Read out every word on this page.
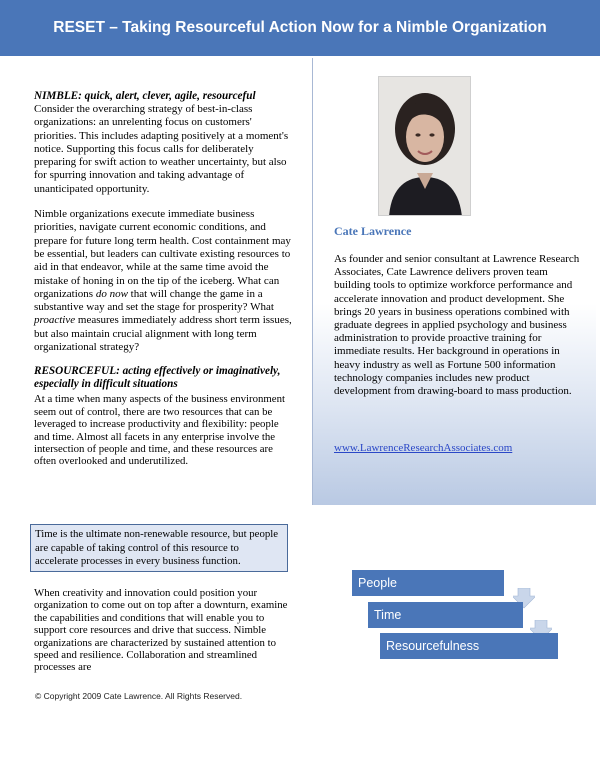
RESET – Taking Resourceful Action Now for a Nimble Organization
NIMBLE: quick, alert, clever, agile, resourceful

Consider the overarching strategy of best-in-class organizations: an unrelenting focus on customers' priorities. This includes adapting positively at a moment's notice. Supporting this focus calls for deliberately preparing for swift action to weather uncertainty, but also for spurring innovation and taking advantage of unanticipated opportunity.

Nimble organizations execute immediate business priorities, navigate current economic conditions, and prepare for future long term health. Cost containment may be essential, but leaders can cultivate existing resources to aid in that endeavor, while at the same time avoid the mistake of honing in on the tip of the iceberg. What can organizations do now that will change the game in a substantive way and set the stage for prosperity? What proactive measures immediately address short term issues, but also maintain crucial alignment with long term organizational strategy?

RESOURCEFUL: acting effectively or imaginatively, especially in difficult situations

At a time when many aspects of the business environment seem out of control, there are two resources that can be leveraged to increase productivity and flexibility: people and time. Almost all facets in any enterprise involve the intersection of people and time, and these resources are often overlooked and underutilized.

Time is the ultimate non-renewable resource, but people are capable of taking control of this resource to accelerate processes in every business function.

When creativity and innovation could position your organization to come out on top after a downturn, examine the capabilities and conditions that will enable you to support core resources and drive that success. Nimble organizations are characterized by sustained attention to speed and resilience. Collaboration and streamlined processes are

Cate Lawrence

As founder and senior consultant at Lawrence Research Associates, Cate Lawrence delivers proven team building tools to optimize workforce performance and accelerate innovation and product development. She brings 20 years in business operations combined with graduate degrees in applied psychology and business administration to provide proactive training for immediate results. Her background in operations in heavy industry as well as Fortune 500 information technology companies includes new product development from drawing-board to mass production.

www.LawrenceResearchAssociates.com
People
Time
Resourcefulness
© Copyright 2009 Cate Lawrence. All Rights Reserved.
